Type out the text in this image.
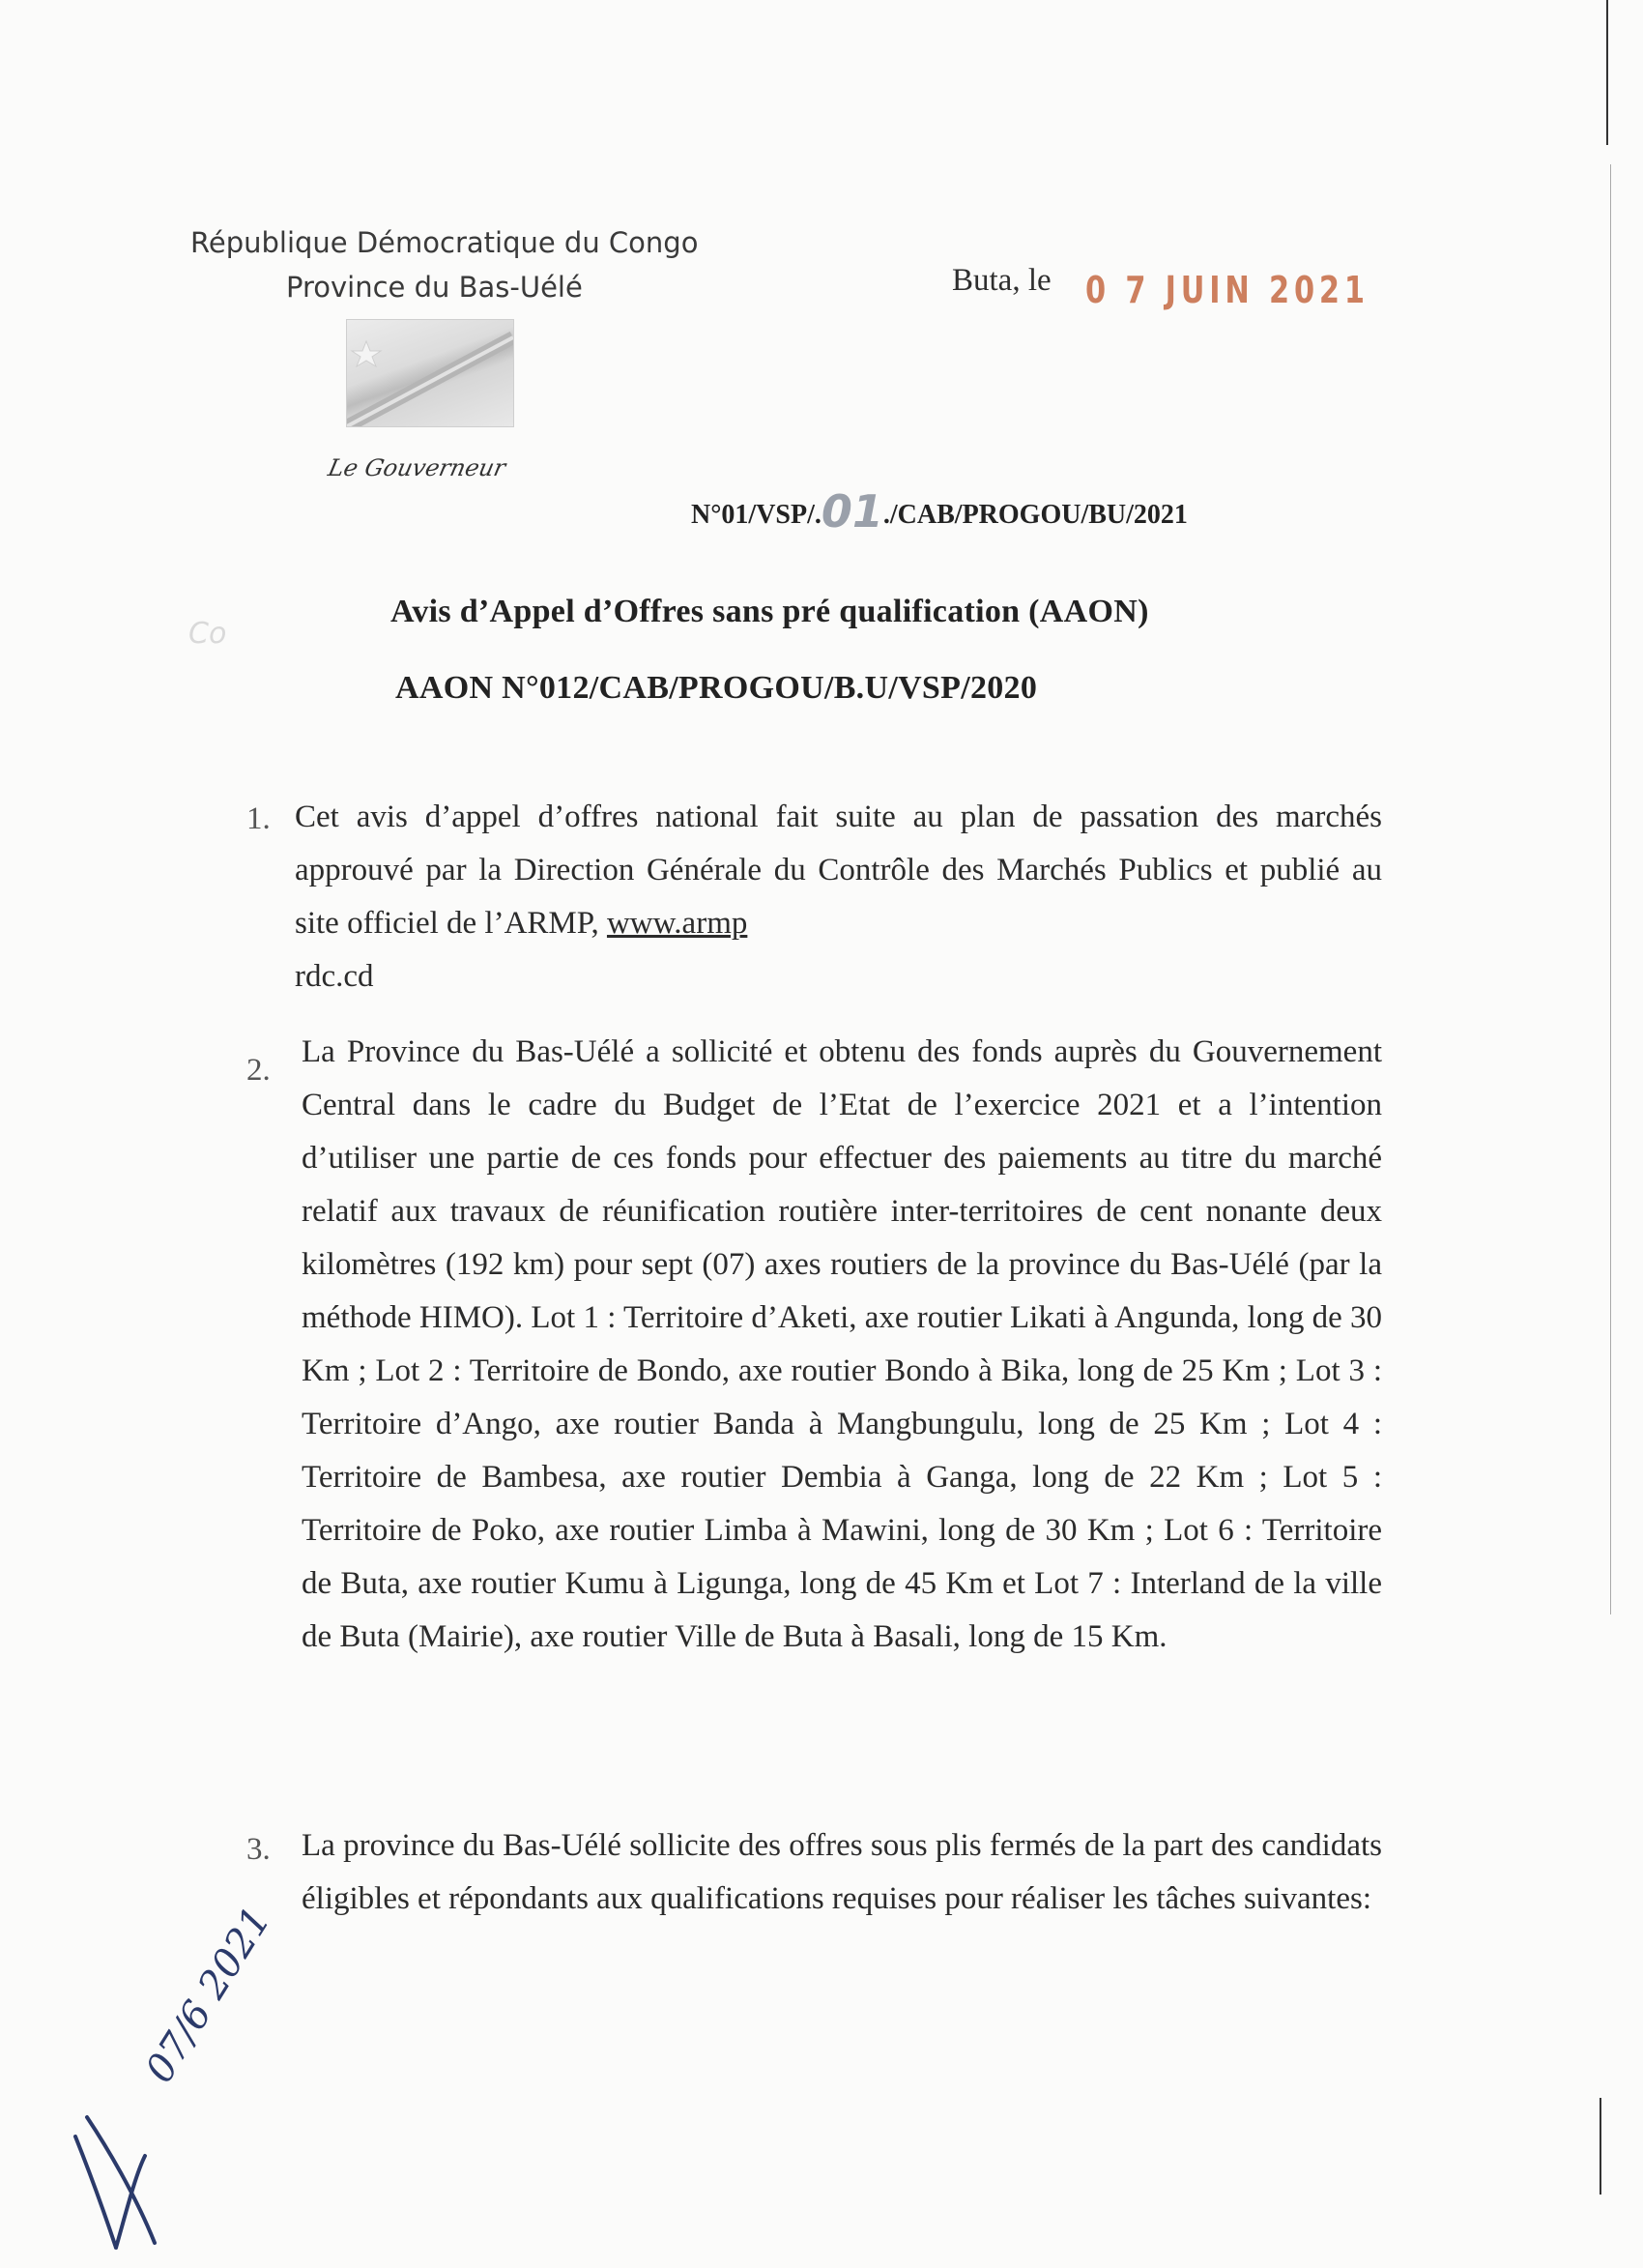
République Démocratique du Congo
Province du Bas-Uélé
Le Gouverneur
Buta, le 0 7 JUIN 2021
N°01/VSP/.01./CAB/PROGOU/BU/2021
Co
Avis d’Appel d’Offres sans pré qualification (AAON)
AAON N°012/CAB/PROGOU/B.U/VSP/2020
1. Cet avis d’appel d’offres national fait suite au plan de passation des marchés approuvé par la Direction Générale du Contrôle des Marchés Publics et publié au site officiel de l’ARMP, www.armp
rdc.cd
2.
La Province du Bas-Uélé a sollicité et obtenu des fonds auprès du Gouvernement Central dans le cadre du Budget de l’Etat de l’exercice 2021 et a l’intention d’utiliser une partie de ces fonds pour effectuer des paiements au titre du marché relatif aux travaux de réunification routière inter-territoires de cent nonante deux kilomètres (192 km) pour sept (07) axes routiers de la province du Bas-Uélé (par la méthode HIMO). Lot 1 : Territoire d’Aketi, axe routier Likati à Angunda, long de 30 Km ; Lot 2 : Territoire de Bondo, axe routier Bondo à Bika, long de 25 Km ; Lot 3 : Territoire d’Ango, axe routier Banda à Mangbungulu, long de 25 Km ; Lot 4 : Territoire de Bambesa, axe routier Dembia à Ganga, long de 22 Km ; Lot 5 : Territoire de Poko, axe routier Limba à Mawini, long de 30 Km ; Lot 6 : Territoire de Buta, axe routier Kumu à Ligunga, long de 45 Km et Lot 7 : Interland de la ville de Buta (Mairie), axe routier Ville de Buta à Basali, long de 15 Km.
3. La province du Bas-Uélé sollicite des offres sous plis fermés de la part des candidats éligibles et répondants aux qualifications requises pour réaliser les tâches suivantes:
07/6 2021
